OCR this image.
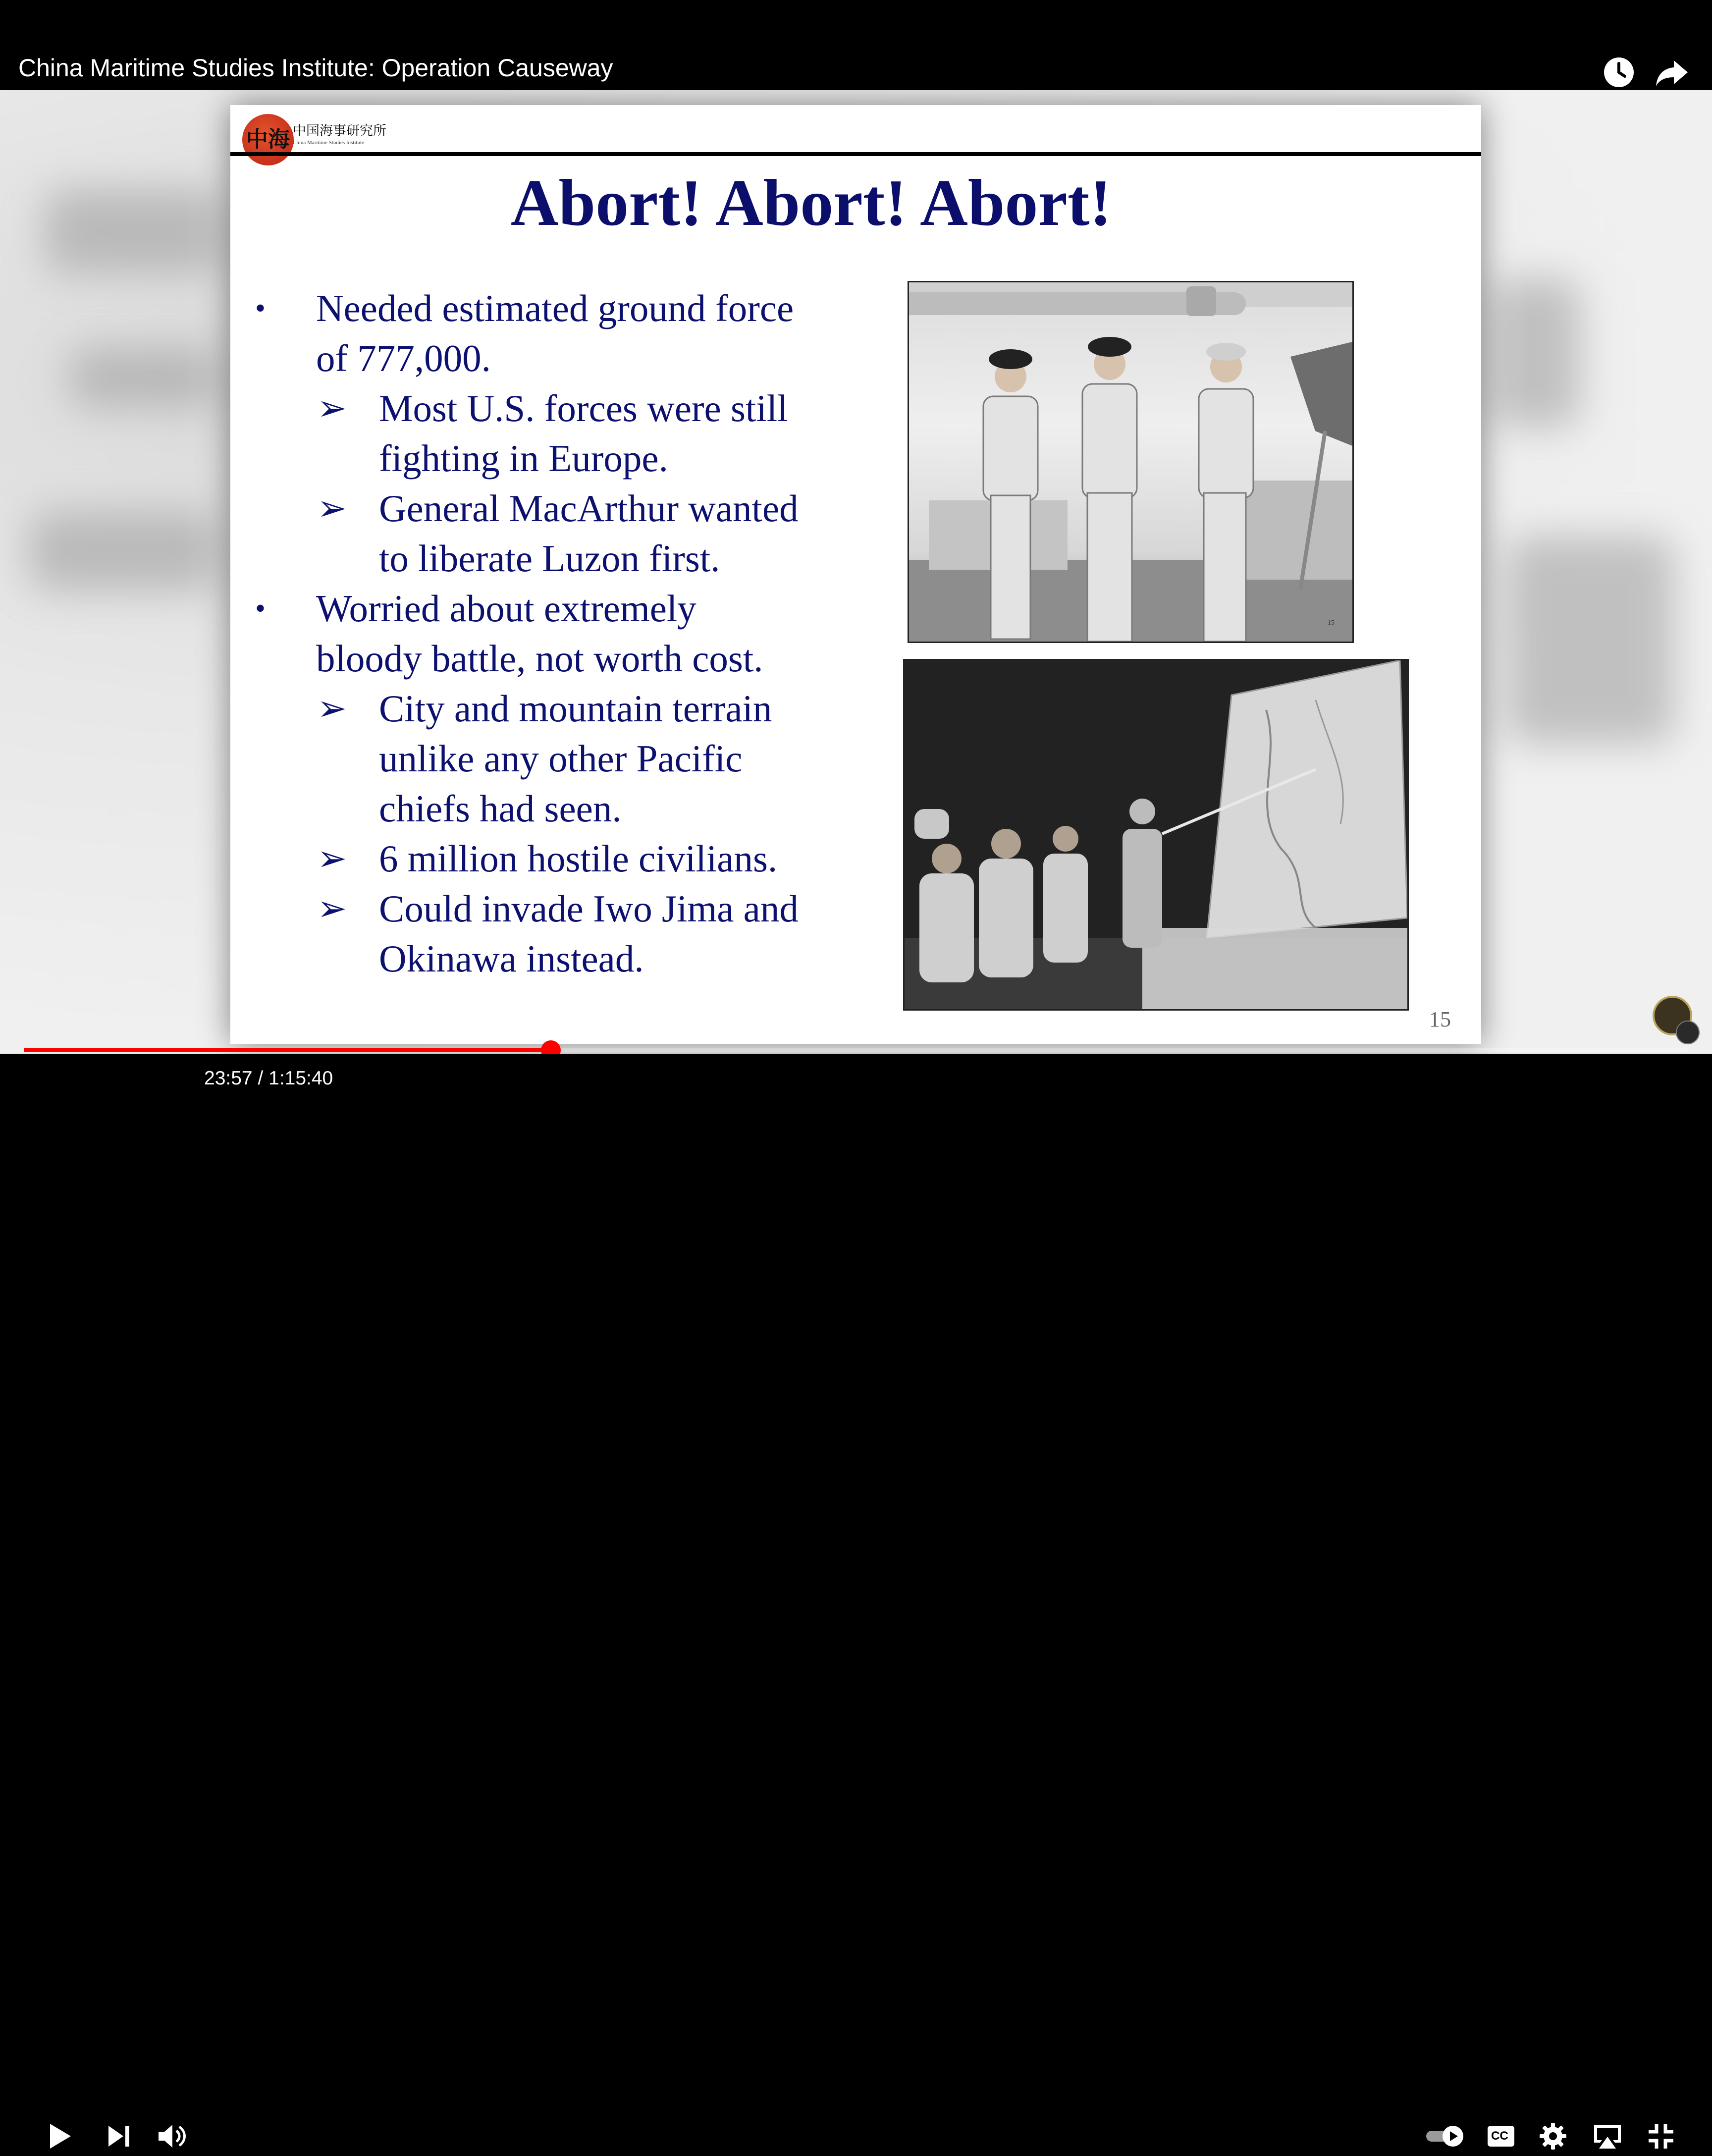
China Maritime Studies Institute: Operation Causeway
中海 中国海事研究所
China Maritime Studies Institute
Abort! Abort! Abort!
• Needed estimated ground force
of 777,000.
➢ Most U.S. forces were still
fighting in Europe.
➢ General MacArthur wanted
to liberate Luzon first.
• Worried about extremely
bloody battle, not worth cost.
➢ City and mountain terrain
unlike any other Pacific
chiefs had seen.
➢ 6 million hostile civilians.
➢ Could invade Iwo Jima and
Okinawa instead.
15
15
23:57 / 1:15:40
CC
